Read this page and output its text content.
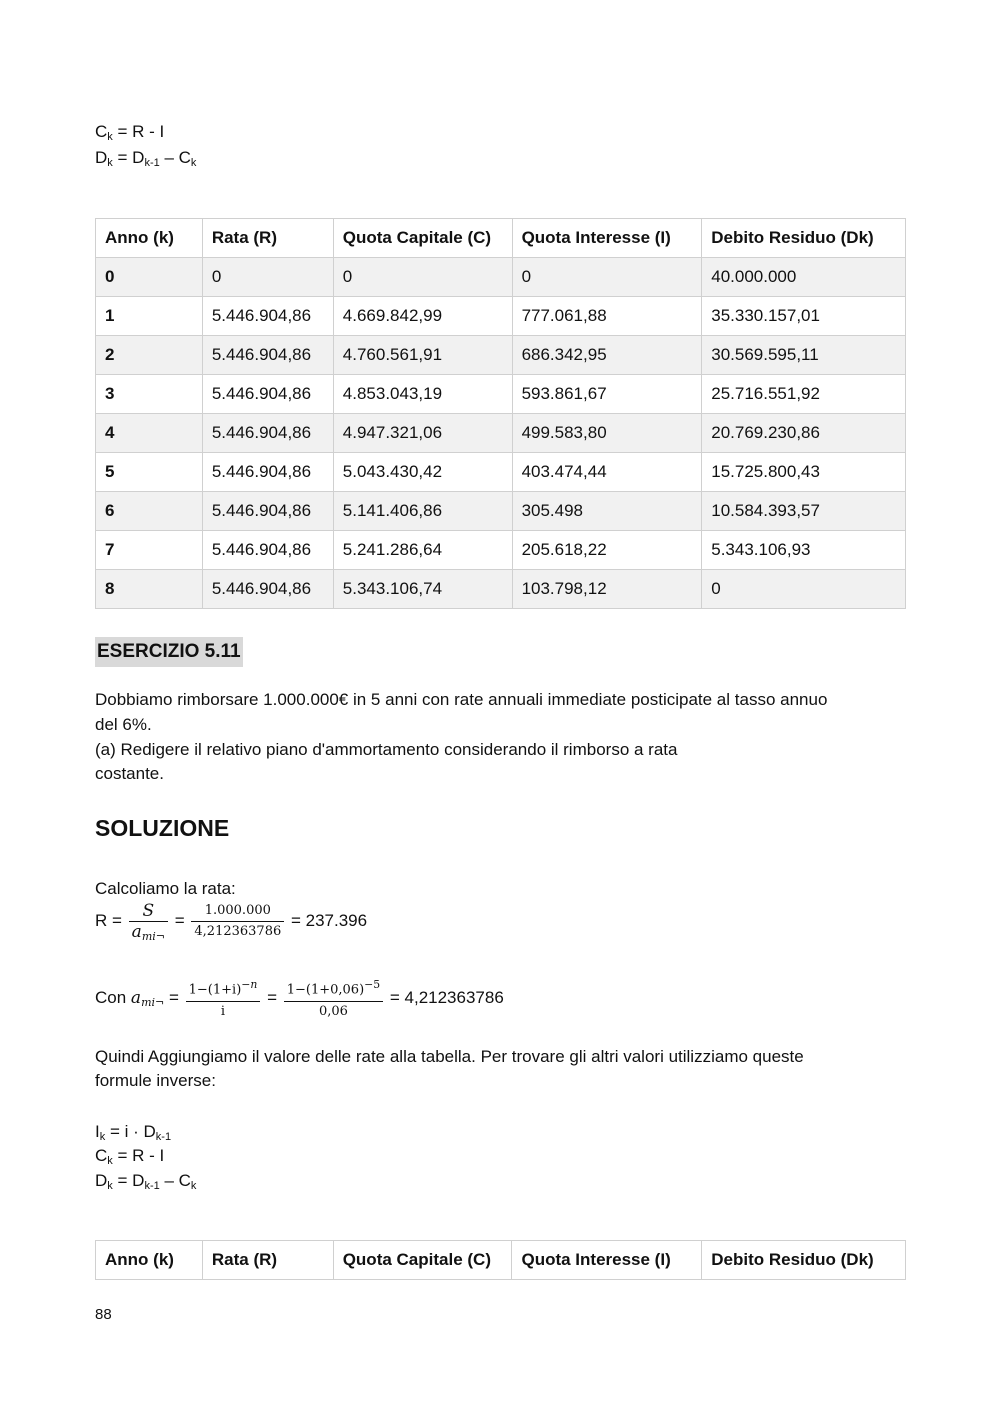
$C_k = R - I$
$D_k = D_{k-1} - C_k$
Anno (k)	Rata (R)	Quota Capitale (C)	Quota Interesse (I)	Debito Residuo (Dk)
0	0	0	0	40.000.000
1	5.446.904,86	4.669.842,99	777.061,88	35.330.157,01
2	5.446.904,86	4.760.561,91	686.342,95	30.569.595,11
3	5.446.904,86	4.853.043,19	593.861,67	25.716.551,92
4	5.446.904,86	4.947.321,06	499.583,80	20.769.230,86
5	5.446.904,86	5.043.430,42	403.474,44	15.725.800,43
6	5.446.904,86	5.141.406,86	305.498	10.584.393,57
7	5.446.904,86	5.241.286,64	205.618,22	5.343.106,93
8	5.446.904,86	5.343.106,74	103.798,12	0
ESERCIZIO 5.11
Dobbiamo rimborsare 1.000.000€ in 5 anni con rate annuali immediate posticipate al tasso annuo
del 6%.
(a) Redigere il relativo piano d'ammortamento considerando il rimborso a rata
costante.
SOLUZIONE
Calcoliamo la rata:
$R = \frac{S}{a_{mi\neg}} = \frac{1.000.000}{4,212363786} = 237.396$
Con $a_{mi\neg} = \frac{1-(1+i)^{-n}}{i} = \frac{1-(1+0,06)^{-5}}{0,06} = 4,212363786$
Quindi Aggiungiamo il valore delle rate alla tabella. Per trovare gli altri valori utilizziamo queste
formule inverse:
$I_k = i \cdot D_{k-1}$
$C_k = R - I$
$D_k = D_{k-1} - C_k$
Anno (k)	Rata (R)	Quota Capitale (C)	Quota Interesse (I)	Debito Residuo (Dk)
88
